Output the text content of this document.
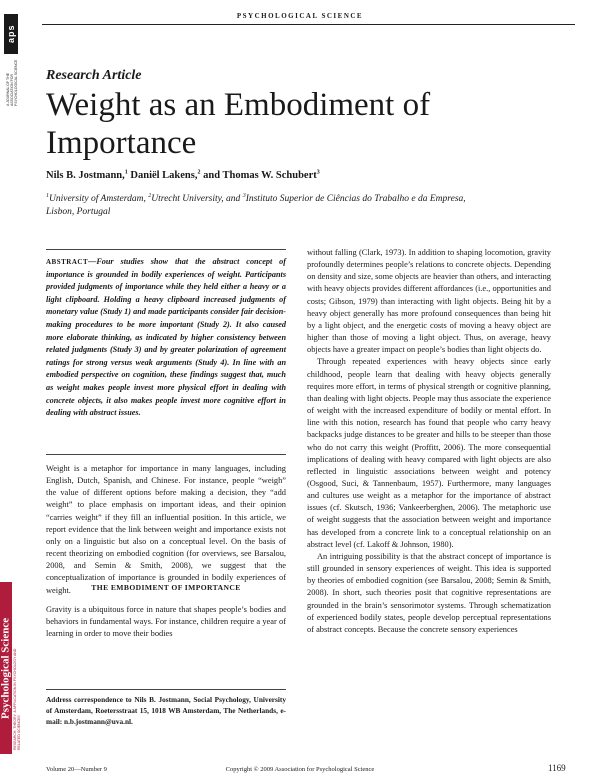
PSYCHOLOGICAL SCIENCE
aps
A JOURNAL OF THE ASSOCIATION FOR PSYCHOLOGICAL SCIENCE
Psychological Science RESEARCH, THEORY, & APPLICATION IN PSYCHOLOGY AND RELATED SCIENCES
Research Article
Weight as an Embodiment of Importance
Nils B. Jostmann,$^1$ Daniël Lakens,$^2$ and Thomas W. Schubert$^3$
$^1$University of Amsterdam, $^2$Utrecht University, and $^3$Instituto Superior de Ciências do Trabalho e da Empresa,
Lisbon, Portugal
ABSTRACT—Four studies show that the abstract concept of importance is grounded in bodily experiences of weight. Participants provided judgments of importance while they held either a heavy or a light clipboard. Holding a heavy clipboard increased judgments of monetary value (Study 1) and made participants consider fair decision-making procedures to be more important (Study 2). It also caused more elaborate thinking, as indicated by higher consistency between related judgments (Study 3) and by greater polarization of agreement ratings for strong versus weak arguments (Study 4). In line with an embodied perspective on cognition, these findings suggest that, much as weight makes people invest more physical effort in dealing with concrete objects, it also makes people invest more cognitive effort in dealing with abstract issues.

Weight is a metaphor for importance in many languages, including English, Dutch, Spanish, and Chinese. For instance, people “weigh” the value of different options before making a decision, they “add weight” to place emphasis on important ideas, and their opinion “carries weight” if they fill an influential position. In this article, we report evidence that the link between weight and importance exists not only on a linguistic but also on a conceptual level. On the basis of recent theorizing on embodied cognition (for overviews, see Barsalou, 2008, and Semin & Smith, 2008), we suggest that the conceptualization of importance is grounded in bodily experiences of weight.	THE EMBODIMENT OF IMPORTANCE

Gravity is a ubiquitous force in nature that shapes people’s bodies and behaviors in fundamental ways. For instance, children require a year of learning in order to move their bodies

Address correspondence to Nils B. Jostmann, Social Psychology, University of Amsterdam, Roetersstraat 15, 1018 WB Amsterdam, The Netherlands, e-mail: n.b.jostmann@uva.nl.

without falling (Clark, 1973). In addition to shaping locomotion, gravity profoundly determines people’s relations to concrete objects. Depending on density and size, some objects are heavier than others, and interacting with heavy objects provides different affordances (i.e., opportunities and costs; Gibson, 1979) than interacting with light objects. Being hit by a heavy object generally has more profound consequences than being hit by a light object, and the energetic costs of moving a heavy object are higher than those of moving a light object. Thus, on average, heavy objects have a greater impact on people’s bodies than light objects do.

Through repeated experiences with heavy objects since early childhood, people learn that dealing with heavy objects generally requires more effort, in terms of physical strength or cognitive planning, than dealing with light objects. People may thus associate the experience of weight with the increased expenditure of bodily or mental effort. In line with this notion, research has found that people who carry heavy backpacks judge distances to be greater and hills to be steeper than those who do not carry this weight (Proffitt, 2006). The more consequential implications of dealing with heavy compared with light objects are also reflected in linguistic associations between weight and potency (Osgood, Suci, & Tannenbaum, 1957). Furthermore, many languages and cultures use weight as a metaphor for the importance of abstract issues (cf. Skutsch, 1936; Vankeerberghen, 2006). The metaphoric use of weight suggests that the association between weight and importance has developed from a concrete link to a conceptual relationship on an abstract level (cf. Lakoff & Johnson, 1980).

An intriguing possibility is that the abstract concept of importance is still grounded in sensory experiences of weight. This idea is supported by theories of embodied cognition (see Barsalou, 2008; Semin & Smith, 2008). In short, such theories posit that cognitive representations are grounded in the brain’s sensorimotor systems. Through schematization of experienced bodily states, people develop perceptual representations of abstract concepts. Because the concrete sensory experiences

Volume 20—Number 9	Copyright © 2009 Association for Psychological Science	1169
